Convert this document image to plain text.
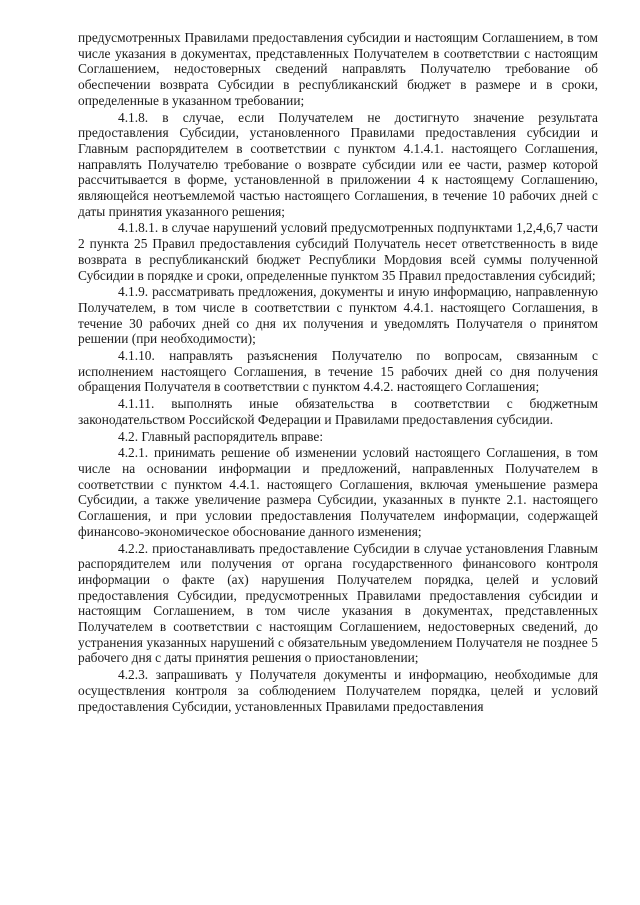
предусмотренных Правилами предоставления субсидии и настоящим Соглашением, в том числе указания в документах, представленных Получателем в соответствии с настоящим Соглашением, недостоверных сведений направлять Получателю требование об обеспечении возврата Субсидии в республиканский бюджет в размере и в сроки, определенные в указанном требовании;

4.1.8. в случае, если Получателем не достигнуто значение результата предоставления Субсидии, установленного Правилами предоставления субсидии и Главным распорядителем в соответствии с пунктом 4.1.4.1. настоящего Соглашения, направлять Получателю требование о возврате субсидии или ее части, размер которой рассчитывается в форме, установленной в приложении 4 к настоящему Соглашению, являющейся неотъемлемой частью настоящего Соглашения, в течение 10 рабочих дней с даты принятия указанного решения;

4.1.8.1. в случае нарушений условий предусмотренных подпунктами 1,2,4,6,7 части 2 пункта 25 Правил предоставления субсидий Получатель несет ответственность в виде возврата в республиканский бюджет Республики Мордовия всей суммы полученной Субсидии в порядке и сроки, определенные пунктом 35 Правил предоставления субсидий;

4.1.9. рассматривать предложения, документы и иную информацию, направленную Получателем, в том числе в соответствии с пунктом 4.4.1. настоящего Соглашения, в течение 30 рабочих дней со дня их получения и уведомлять Получателя о принятом решении (при необходимости);

4.1.10. направлять разъяснения Получателю по вопросам, связанным с исполнением настоящего Соглашения, в течение 15 рабочих дней со дня получения обращения Получателя в соответствии с пунктом 4.4.2. настоящего Соглашения;

4.1.11. выполнять иные обязательства в соответствии с бюджетным законодательством Российской Федерации и Правилами предоставления субсидии.

4.2. Главный распорядитель вправе:

4.2.1. принимать решение об изменении условий настоящего Соглашения, в том числе на основании информации и предложений, направленных Получателем в соответствии с пунктом 4.4.1. настоящего Соглашения, включая уменьшение размера Субсидии, а также увеличение размера Субсидии, указанных в пункте 2.1. настоящего Соглашения, и при условии предоставления Получателем информации, содержащей финансово-экономическое обоснование данного изменения;

4.2.2. приостанавливать предоставление Субсидии в случае установления Главным распорядителем или получения от органа государственного финансового контроля информации о факте (ах) нарушения Получателем порядка, целей и условий предоставления Субсидии, предусмотренных Правилами предоставления субсидии и настоящим Соглашением, в том числе указания в документах, представленных Получателем в соответствии с настоящим Соглашением, недостоверных сведений, до устранения указанных нарушений с обязательным уведомлением Получателя не позднее 5 рабочего дня с даты принятия решения о приостановлении;

4.2.3. запрашивать у Получателя документы и информацию, необходимые для осуществления контроля за соблюдением Получателем порядка, целей и условий предоставления Субсидии, установленных Правилами предоставления
